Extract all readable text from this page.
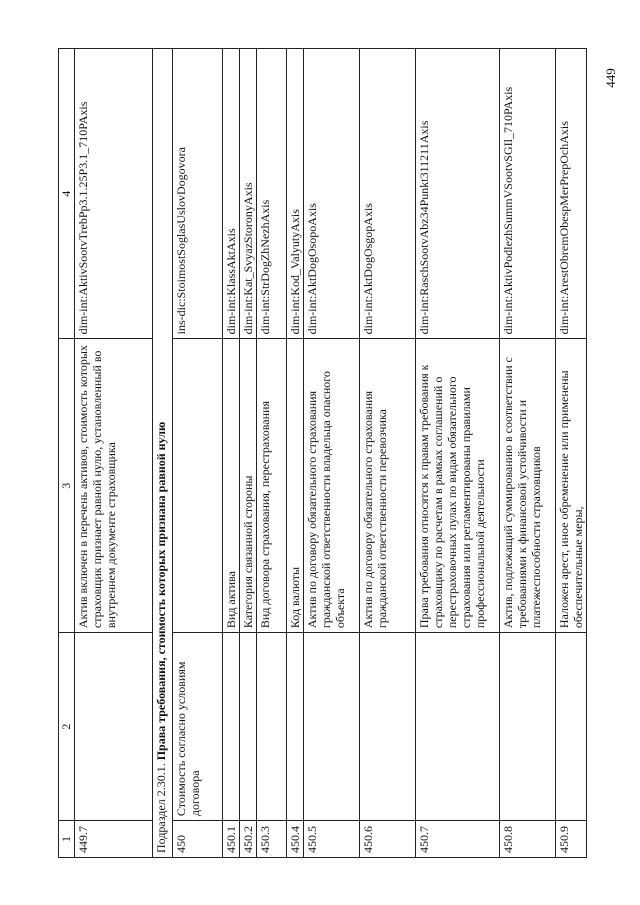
1	2	3	4
449.7		Актив включен в перечень активов, стоимость которых страховщик признает равной нулю, установленный во внутреннем документе страховщика	dim-int:AktivSootvTrebPp3.1.25P3.1_710PAxis
Подраздел 2.30.1. Права требования, стоимость которых признана равной нулю			
450	Стоимость согласно условиям договора		ins-dic:StoimostSoglasUslovDogovora
450.1		Вид актива	dim-int:KlassAktAxis
450.2		Категория связанной стороны	dim-int:Kat_SvyazStoronyAxis
450.3		Вид договора страхования, перестрахования	dim-int:StrDogZhNezhAxis
450.4		Код валюты	dim-int:Kod_ValyutyAxis
450.5		Актив по договору обязательного страхования гражданской ответственности владельца опасного объекта	dim-int:AktDogOsopoAxis
450.6		Актив по договору обязательного страхования гражданской ответственности перевозчика	dim-int:AktDogOsgopAxis
450.7		Права требования относятся к правам требования к страховщику по расчетам в рамках соглашений о перестраховочных пулах по видам обязательного страхования или регламентированы правилами профессиональной деятельности	dim-int:RaschSootvAbz34Punkt311211Axis
450.8		Актив, подлежащий суммированию в соответствии с требованиями к финансовой устойчивости и платежеспособности страховщиков	dim-int:AktivPodlezhSummVSootvSGIl_710PAxis
450.9		Наложен арест, иное обременение или применены обеспечительные меры,	dim-int:ArestObremObespMerPrepOchAxis
449
